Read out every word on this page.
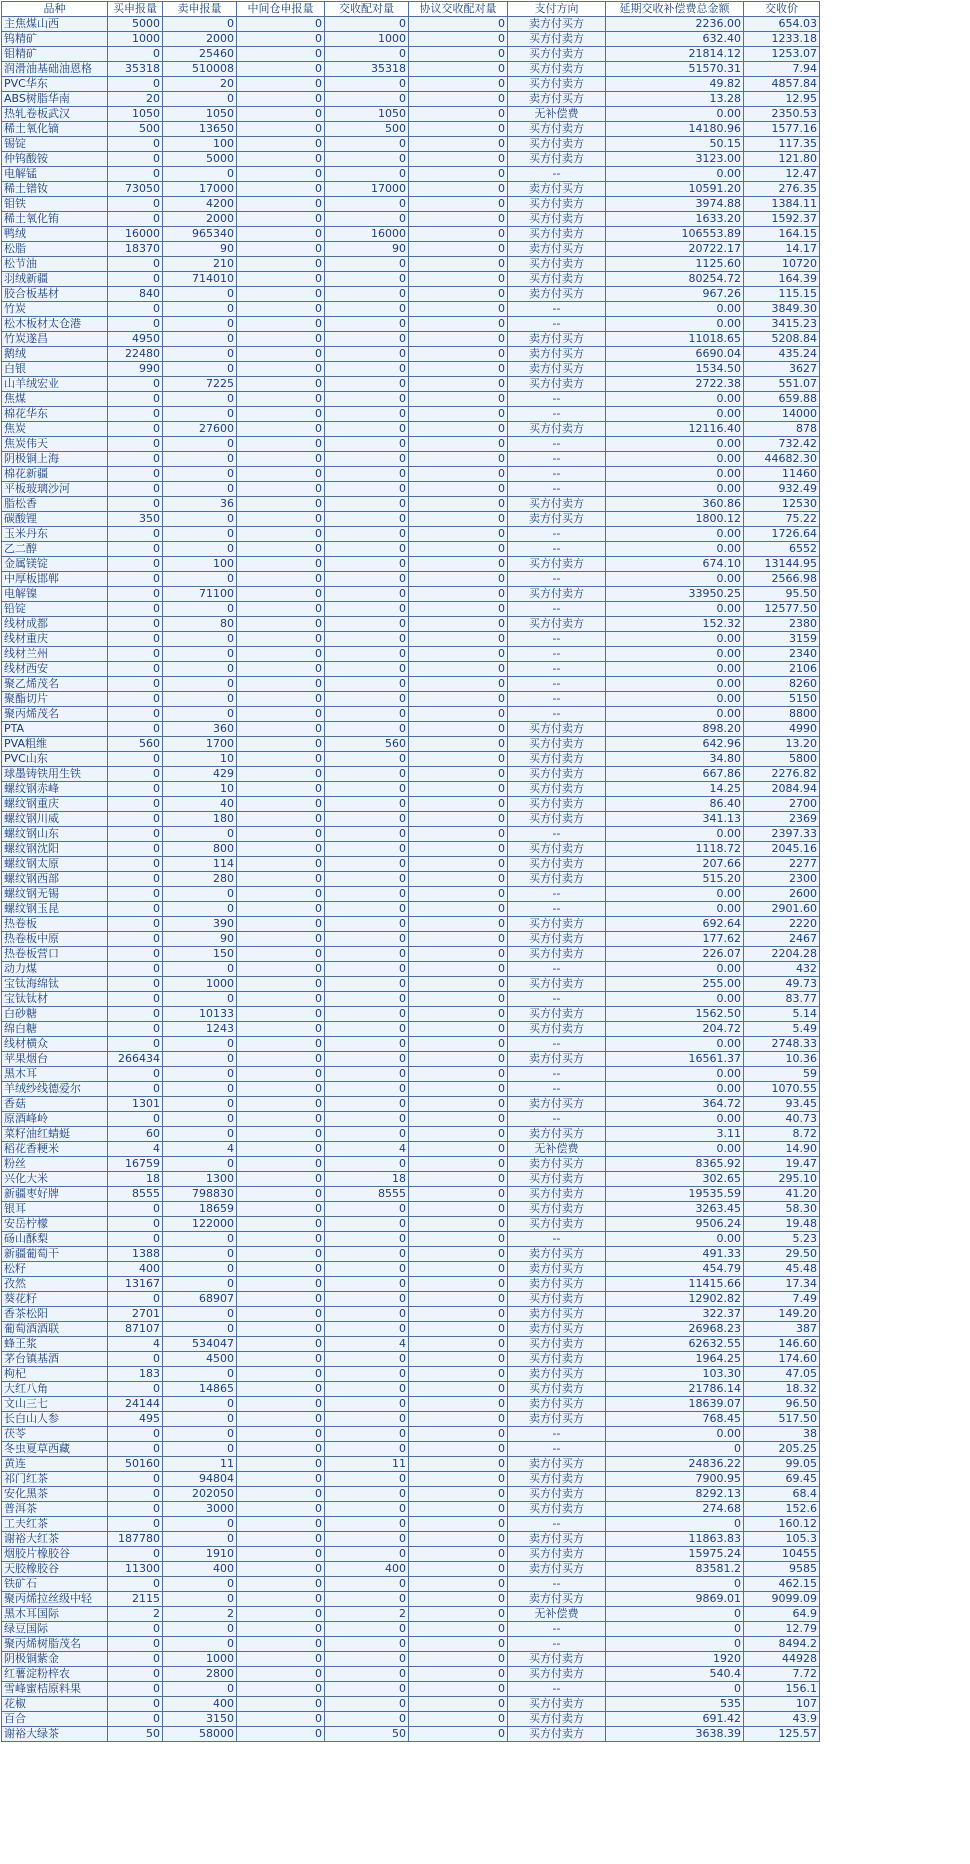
品种	买申报量	卖申报量	中间仓申报量	交收配对量	协议交收配对量	支付方向	延期交收补偿费总金额	交收价
主焦煤山西	5000	0	0	0	0	卖方付买方	2236.00	654.03
钨精矿	1000	2000	0	1000	0	买方付卖方	632.40	1233.18
钼精矿	0	25460	0	0	0	买方付卖方	21814.12	1253.07
润滑油基础油恩格	35318	510008	0	35318	0	买方付卖方	51570.31	7.94
PVC华东	0	20	0	0	0	买方付卖方	49.82	4857.84
ABS树脂华南	20	0	0	0	0	卖方付买方	13.28	12.95
热轧卷板武汉	1050	1050	0	1050	0	无补偿费	0.00	2350.53
稀土氧化镝	500	13650	0	500	0	买方付卖方	14180.96	1577.16
锡锭	0	100	0	0	0	买方付卖方	50.15	117.35
仲钨酸铵	0	5000	0	0	0	买方付卖方	3123.00	121.80
电解锰	0	0	0	0	0	--	0.00	12.47
稀土镨钕	73050	17000	0	17000	0	卖方付买方	10591.20	276.35
钼铁	0	4200	0	0	0	买方付卖方	3974.88	1384.11
稀土氧化铕	0	2000	0	0	0	买方付卖方	1633.20	1592.37
鸭绒	16000	965340	0	16000	0	买方付卖方	106553.89	164.15
松脂	18370	90	0	90	0	卖方付买方	20722.17	14.17
松节油	0	210	0	0	0	买方付卖方	1125.60	10720
羽绒新疆	0	714010	0	0	0	买方付卖方	80254.72	164.39
胶合板基材	840	0	0	0	0	卖方付买方	967.26	115.15
竹炭	0	0	0	0	0	--	0.00	3849.30
松木板材太仓港	0	0	0	0	0	--	0.00	3415.23
竹炭遂昌	4950	0	0	0	0	卖方付买方	11018.65	5208.84
鹅绒	22480	0	0	0	0	卖方付买方	6690.04	435.24
白银	990	0	0	0	0	卖方付买方	1534.50	3627
山羊绒宏业	0	7225	0	0	0	买方付卖方	2722.38	551.07
焦煤	0	0	0	0	0	--	0.00	659.88
棉花华东	0	0	0	0	0	--	0.00	14000
焦炭	0	27600	0	0	0	买方付卖方	12116.40	878
焦炭伟天	0	0	0	0	0	--	0.00	732.42
阴极铜上海	0	0	0	0	0	--	0.00	44682.30
棉花新疆	0	0	0	0	0	--	0.00	11460
平板玻璃沙河	0	0	0	0	0	--	0.00	932.49
脂松香	0	36	0	0	0	买方付卖方	360.86	12530
碳酸锂	350	0	0	0	0	卖方付买方	1800.12	75.22
玉米丹东	0	0	0	0	0	--	0.00	1726.64
乙二醇	0	0	0	0	0	--	0.00	6552
金属镁锭	0	100	0	0	0	买方付卖方	674.10	13144.95
中厚板邯郸	0	0	0	0	0	--	0.00	2566.98
电解镍	0	71100	0	0	0	买方付卖方	33950.25	95.50
铅锭	0	0	0	0	0	--	0.00	12577.50
线材成都	0	80	0	0	0	买方付卖方	152.32	2380
线材重庆	0	0	0	0	0	--	0.00	3159
线材兰州	0	0	0	0	0	--	0.00	2340
线材西安	0	0	0	0	0	--	0.00	2106
聚乙烯茂名	0	0	0	0	0	--	0.00	8260
聚酯切片	0	0	0	0	0	--	0.00	5150
聚丙烯茂名	0	0	0	0	0	--	0.00	8800
PTA	0	360	0	0	0	买方付卖方	898.20	4990
PVA粗维	560	1700	0	560	0	买方付卖方	642.96	13.20
PVC山东	0	10	0	0	0	买方付卖方	34.80	5800
球墨铸铁用生铁	0	429	0	0	0	买方付卖方	667.86	2276.82
螺纹钢赤峰	0	10	0	0	0	买方付卖方	14.25	2084.94
螺纹钢重庆	0	40	0	0	0	买方付卖方	86.40	2700
螺纹钢川威	0	180	0	0	0	买方付卖方	341.13	2369
螺纹钢山东	0	0	0	0	0	--	0.00	2397.33
螺纹钢沈阳	0	800	0	0	0	买方付卖方	1118.72	2045.16
螺纹钢太原	0	114	0	0	0	买方付卖方	207.66	2277
螺纹钢西部	0	280	0	0	0	买方付卖方	515.20	2300
螺纹钢无锡	0	0	0	0	0	--	0.00	2600
螺纹钢玉昆	0	0	0	0	0	--	0.00	2901.60
热卷板	0	390	0	0	0	买方付卖方	692.64	2220
热卷板中原	0	90	0	0	0	买方付卖方	177.62	2467
热卷板营口	0	150	0	0	0	买方付卖方	226.07	2204.28
动力煤	0	0	0	0	0	--	0.00	432
宝钛海绵钛	0	1000	0	0	0	买方付卖方	255.00	49.73
宝钛钛材	0	0	0	0	0	--	0.00	83.77
白砂糖	0	10133	0	0	0	买方付卖方	1562.50	5.14
绵白糖	0	1243	0	0	0	买方付卖方	204.72	5.49
线材横众	0	0	0	0	0	--	0.00	2748.33
苹果烟台	266434	0	0	0	0	卖方付买方	16561.37	10.36
黑木耳	0	0	0	0	0	--	0.00	59
羊绒纱线德爱尔	0	0	0	0	0	--	0.00	1070.55
香菇	1301	0	0	0	0	卖方付买方	364.72	93.45
原酒峰岭	0	0	0	0	0	--	0.00	40.73
菜籽油红蜻蜓	60	0	0	0	0	卖方付买方	3.11	8.72
稻花香粳米	4	4	0	4	0	无补偿费	0.00	14.90
粉丝	16759	0	0	0	0	卖方付买方	8365.92	19.47
兴化大米	18	1300	0	18	0	买方付卖方	302.65	295.10
新疆枣好牌	8555	798830	0	8555	0	买方付卖方	19535.59	41.20
银耳	0	18659	0	0	0	买方付卖方	3263.45	58.30
安岳柠檬	0	122000	0	0	0	买方付卖方	9506.24	19.48
砀山酥梨	0	0	0	0	0	--	0.00	5.23
新疆葡萄干	1388	0	0	0	0	卖方付买方	491.33	29.50
松籽	400	0	0	0	0	卖方付买方	454.79	45.48
孜然	13167	0	0	0	0	卖方付买方	11415.66	17.34
葵花籽	0	68907	0	0	0	买方付卖方	12902.82	7.49
香茶松阳	2701	0	0	0	0	卖方付买方	322.37	149.20
葡萄酒酒联	87107	0	0	0	0	卖方付买方	26968.23	387
蜂王浆	4	534047	0	4	0	买方付卖方	62632.55	146.60
茅台镇基酒	0	4500	0	0	0	买方付卖方	1964.25	174.60
枸杞	183	0	0	0	0	卖方付买方	103.30	47.05
大红八角	0	14865	0	0	0	买方付卖方	21786.14	18.32
文山三七	24144	0	0	0	0	卖方付买方	18639.07	96.50
长白山人参	495	0	0	0	0	卖方付买方	768.45	517.50
茯苓	0	0	0	0	0	--	0.00	38
冬虫夏草西藏	0	0	0	0	0	--	0	205.25
黄连	50160	11	0	11	0	卖方付买方	24836.22	99.05
祁门红茶	0	94804	0	0	0	买方付卖方	7900.95	69.45
安化黑茶	0	202050	0	0	0	买方付卖方	8292.13	68.4
普洱茶	0	3000	0	0	0	买方付卖方	274.68	152.6
工夫红茶	0	0	0	0	0	--	0	160.12
谢裕大红茶	187780	0	0	0	0	卖方付买方	11863.83	105.3
烟胶片橡胶谷	0	1910	0	0	0	买方付卖方	15975.24	10455
天胶橡胶谷	11300	400	0	400	0	卖方付买方	83581.2	9585
铁矿石	0	0	0	0	0	--	0	462.15
聚丙烯拉丝级中轻	2115	0	0	0	0	卖方付买方	9869.01	9099.09
黑木耳国际	2	2	0	2	0	无补偿费	0	64.9
绿豆国际	0	0	0	0	0	--	0	12.79
聚丙烯树脂茂名	0	0	0	0	0	--	0	8494.2
阴极铜紫金	0	1000	0	0	0	买方付卖方	1920	44928
红薯淀粉梓农	0	2800	0	0	0	买方付卖方	540.4	7.72
雪峰蜜桔原料果	0	0	0	0	0	--	0	156.1
花椒	0	400	0	0	0	买方付卖方	535	107
百合	0	3150	0	0	0	买方付卖方	691.42	43.9
谢裕大绿茶	50	58000	0	50	0	买方付卖方	3638.39	125.57
